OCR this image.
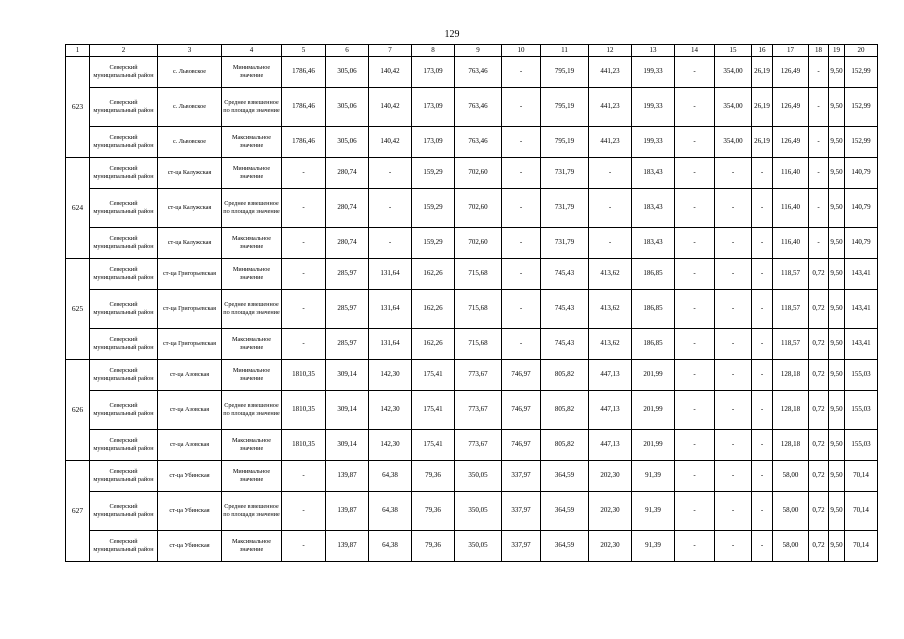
129
1	2	3	4	5	6	7	8	9	10	11	12	13	14	15	16	17	18	19	20
623	Северский муниципальный район	с. Львовское	Минимальное значение	1786,46	305,06	140,42	173,09	763,46	-	795,19	441,23	199,33	-	354,00	26,19	126,49	-	9,50	152,99
	Северский муниципальный район	с. Львовское	Среднее взвешенное по площади значение	1786,46	305,06	140,42	173,09	763,46	-	795,19	441,23	199,33	-	354,00	26,19	126,49	-	9,50	152,99
	Северский муниципальный район	с. Львовское	Максимальное значение	1786,46	305,06	140,42	173,09	763,46	-	795,19	441,23	199,33	-	354,00	26,19	126,49	-	9,50	152,99
624	Северский муниципальный район	ст-ца Калужская	Минимальное значение	-	280,74	-	159,29	702,60	-	731,79	-	183,43	-	-	-	116,40	-	9,50	140,79
	Северский муниципальный район	ст-ца Калужская	Среднее взвешенное по площади значение	-	280,74	-	159,29	702,60	-	731,79	-	183,43	-	-	-	116,40	-	9,50	140,79
	Северский муниципальный район	ст-ца Калужская	Максимальное значение	-	280,74	-	159,29	702,60	-	731,79	-	183,43	-	-	-	116,40	-	9,50	140,79
625	Северский муниципальный район	ст-ца Григорьевская	Минимальное значение	-	285,97	131,64	162,26	715,68	-	745,43	413,62	186,85	-	-	-	118,57	0,72	9,50	143,41
	Северский муниципальный район	ст-ца Григорьевская	Среднее взвешенное по площади значение	-	285,97	131,64	162,26	715,68	-	745,43	413,62	186,85	-	-	-	118,57	0,72	9,50	143,41
	Северский муниципальный район	ст-ца Григорьевская	Максимальное значение	-	285,97	131,64	162,26	715,68	-	745,43	413,62	186,85	-	-	-	118,57	0,72	9,50	143,41
626	Северский муниципальный район	ст-ца Азовская	Минимальное значение	1810,35	309,14	142,30	175,41	773,67	746,97	805,82	447,13	201,99	-	-	-	128,18	0,72	9,50	155,03
	Северский муниципальный район	ст-ца Азовская	Среднее взвешенное по площади значение	1810,35	309,14	142,30	175,41	773,67	746,97	805,82	447,13	201,99	-	-	-	128,18	0,72	9,50	155,03
	Северский муниципальный район	ст-ца Азовская	Максимальное значение	1810,35	309,14	142,30	175,41	773,67	746,97	805,82	447,13	201,99	-	-	-	128,18	0,72	9,50	155,03
627	Северский муниципальный район	ст-ца Убинская	Минимальное значение	-	139,87	64,38	79,36	350,05	337,97	364,59	202,30	91,39	-	-	-	58,00	0,72	9,50	70,14
	Северский муниципальный район	ст-ца Убинская	Среднее взвешенное по площади значение	-	139,87	64,38	79,36	350,05	337,97	364,59	202,30	91,39	-	-	-	58,00	0,72	9,50	70,14
	Северский муниципальный район	ст-ца Убинская	Максимальное значение	-	139,87	64,38	79,36	350,05	337,97	364,59	202,30	91,39	-	-	-	58,00	0,72	9,50	70,14
